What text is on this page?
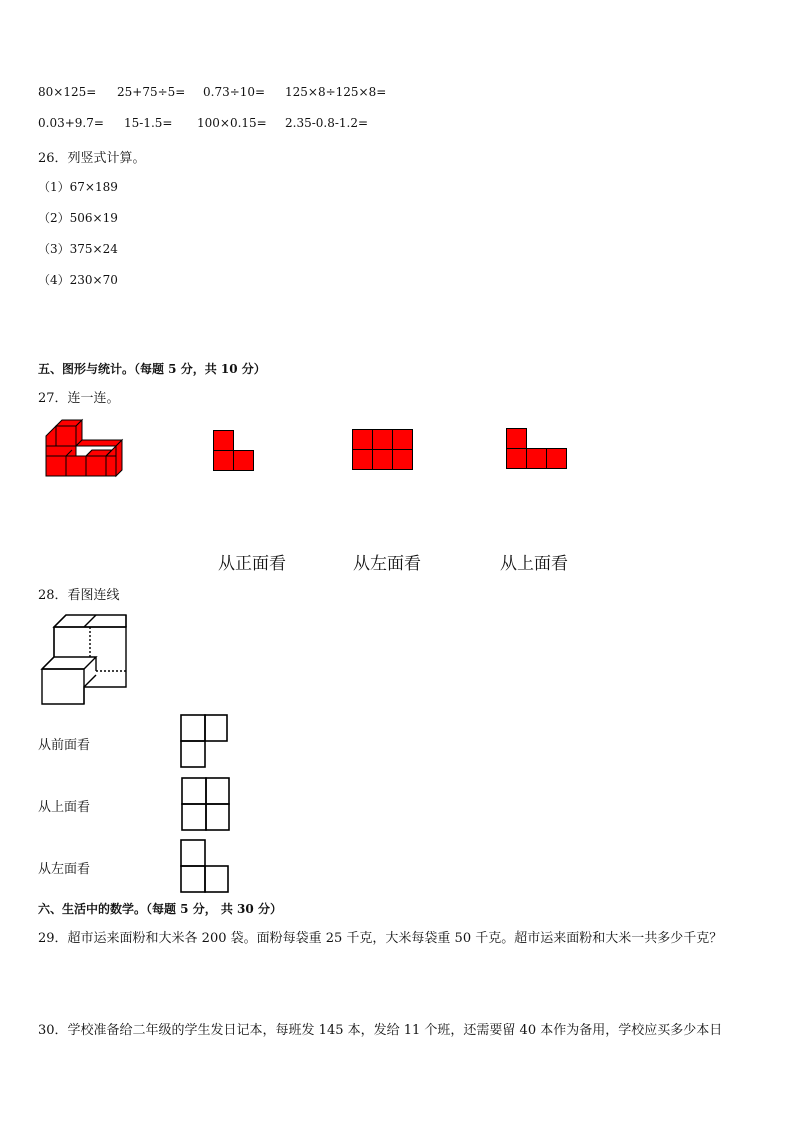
80×125= 25+75÷5= 0.73÷10= 125×8÷125×8=
0.03+9.7= 15-1.5= 100×0.15= 2.35-0.8-1.2=
26．列竖式计算。
（1）67×189
（2）506×19
（3）375×24
（4）230×70
五、图形与统计。（每题 5 分，共 10 分）
27．连一连。
从正面看	从左面看	从上面看
28．看图连线
从前面看
从上面看
从左面看
六、生活中的数学。（每题 5 分， 共 30 分）
29．超市运来面粉和大米各 200 袋。面粉每袋重 25 千克，大米每袋重 50 千克。超市运来面粉和大米一共多少千克？
30．学校准备给二年级的学生发日记本，每班发 145 本，发给 11 个班，还需要留 40 本作为备用，学校应买多少本日
